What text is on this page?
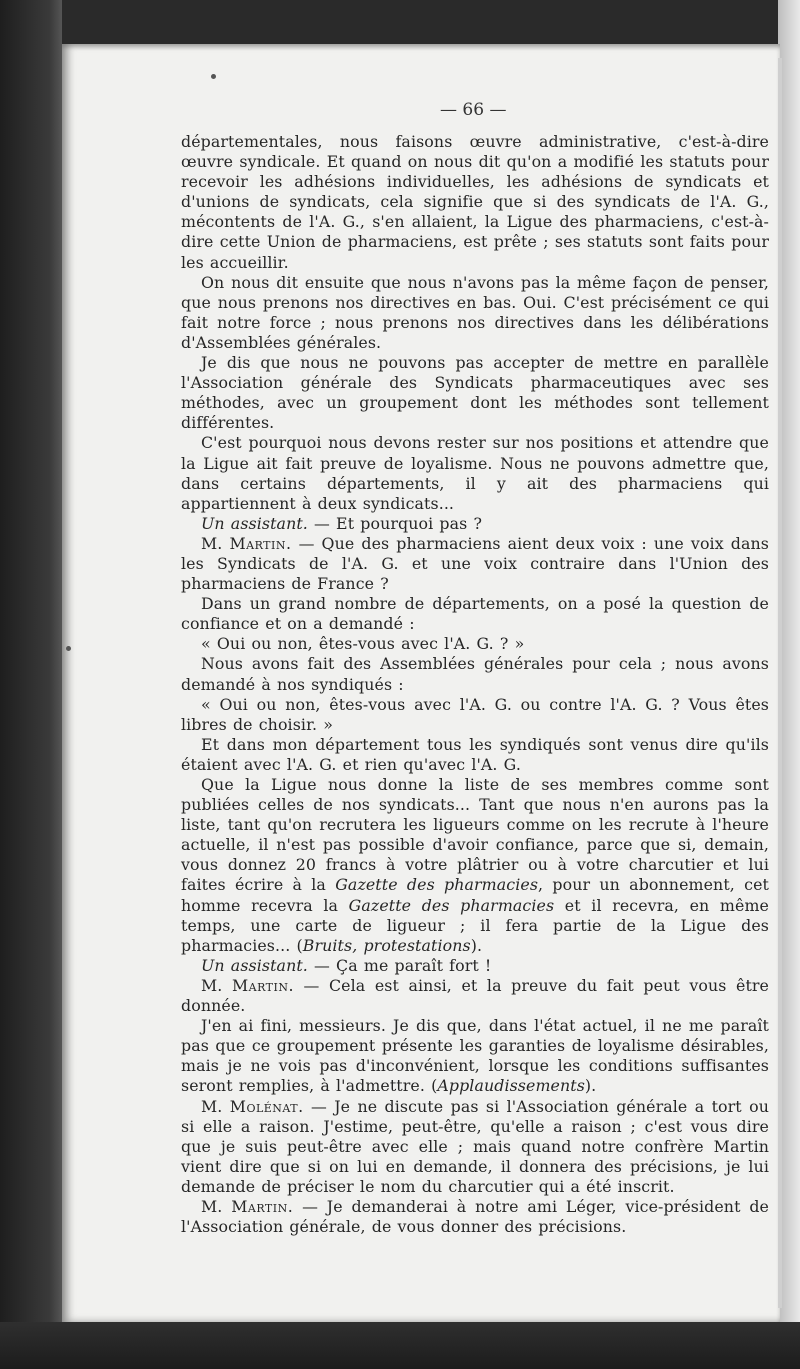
— 66 —

départementales, nous faisons œuvre administrative, c'est-à-dire œuvre syndicale. Et quand on nous dit qu'on a modifié les statuts pour recevoir les adhésions individuelles, les adhésions de syndicats et d'unions de syndicats, cela signifie que si des syndicats de l'A. G., mécontents de l'A. G., s'en allaient, la Ligue des pharmaciens, c'est-à-dire cette Union de pharmaciens, est prête ; ses statuts sont faits pour les accueillir.

On nous dit ensuite que nous n'avons pas la même façon de penser, que nous prenons nos directives en bas. Oui. C'est précisément ce qui fait notre force ; nous prenons nos directives dans les délibérations d'Assemblées générales.

Je dis que nous ne pouvons pas accepter de mettre en parallèle l'Association générale des Syndicats pharmaceutiques avec ses méthodes, avec un groupement dont les méthodes sont tellement différentes.

C'est pourquoi nous devons rester sur nos positions et attendre que la Ligue ait fait preuve de loyalisme. Nous ne pouvons admettre que, dans certains départements, il y ait des pharmaciens qui appartiennent à deux syndicats...

Un assistant. — Et pourquoi pas ?

M. Martin. — Que des pharmaciens aient deux voix : une voix dans les Syndicats de l'A. G. et une voix contraire dans l'Union des pharmaciens de France ?

Dans un grand nombre de départements, on a posé la question de confiance et on a demandé :

« Oui ou non, êtes-vous avec l'A. G. ? »

Nous avons fait des Assemblées générales pour cela ; nous avons demandé à nos syndiqués :

« Oui ou non, êtes-vous avec l'A. G. ou contre l'A. G. ? Vous êtes libres de choisir. »

Et dans mon département tous les syndiqués sont venus dire qu'ils étaient avec l'A. G. et rien qu'avec l'A. G.

Que la Ligue nous donne la liste de ses membres comme sont publiées celles de nos syndicats... Tant que nous n'en aurons pas la liste, tant qu'on recrutera les ligueurs comme on les recrute à l'heure actuelle, il n'est pas possible d'avoir confiance, parce que si, demain, vous donnez 20 francs à votre plâtrier ou à votre charcutier et lui faites écrire à la Gazette des pharmacies, pour un abonnement, cet homme recevra la Gazette des pharmacies et il recevra, en même temps, une carte de ligueur ; il fera partie de la Ligue des pharmacies... (Bruits, protestations).

Un assistant. — Ça me paraît fort !

M. Martin. — Cela est ainsi, et la preuve du fait peut vous être donnée.

J'en ai fini, messieurs. Je dis que, dans l'état actuel, il ne me paraît pas que ce groupement présente les garanties de loyalisme désirables, mais je ne vois pas d'inconvénient, lorsque les conditions suffisantes seront remplies, à l'admettre. (Applaudissements).

M. Molénat. — Je ne discute pas si l'Association générale a tort ou si elle a raison. J'estime, peut-être, qu'elle a raison ; c'est vous dire que je suis peut-être avec elle ; mais quand notre confrère Martin vient dire que si on lui en demande, il donnera des précisions, je lui demande de préciser le nom du charcutier qui a été inscrit.

M. Martin. — Je demanderai à notre ami Léger, vice-président de l'Association générale, de vous donner des précisions.
